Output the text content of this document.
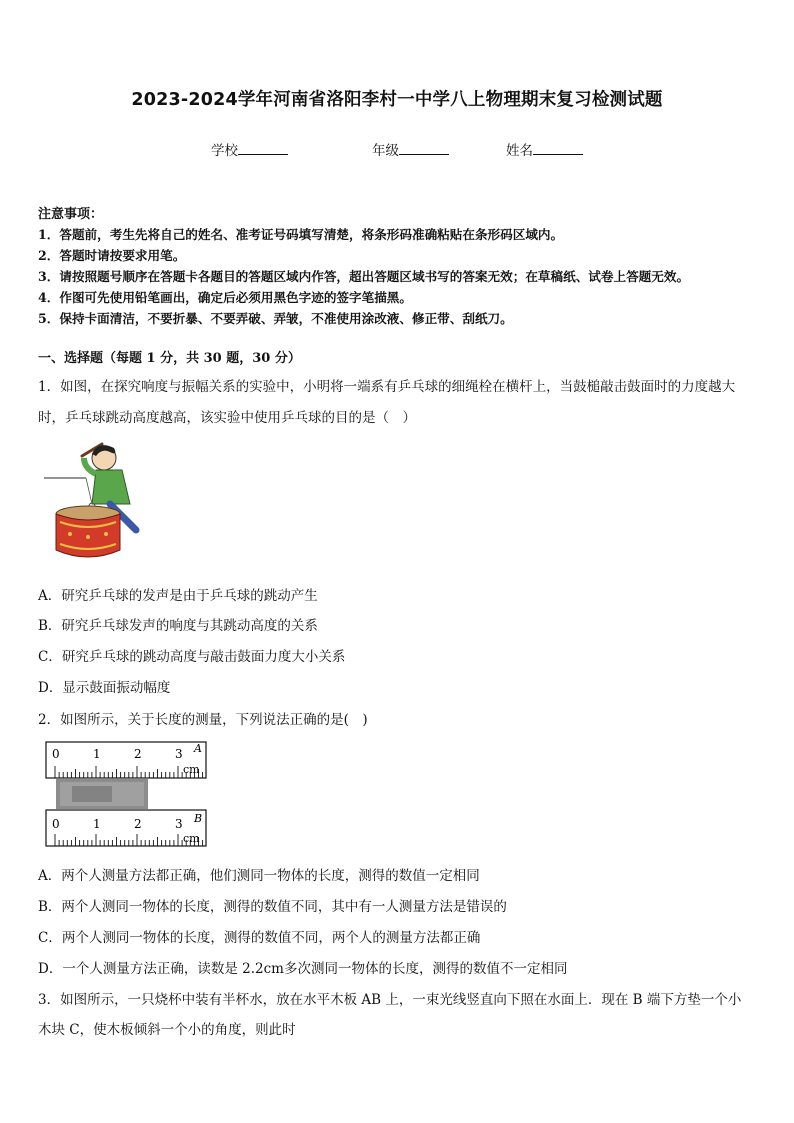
2023-2024学年河南省洛阳李村一中学八上物理期末复习检测试题
学校	年级	姓名
注意事项：
1．答题前，考生先将自己的姓名、准考证号码填写清楚，将条形码准确粘贴在条形码区域内。
2．答题时请按要求用笔。
3．请按照题号顺序在答题卡各题目的答题区域内作答，超出答题区域书写的答案无效；在草稿纸、试卷上答题无效。
4．作图可先使用铅笔画出，确定后必须用黑色字迹的签字笔描黑。
5．保持卡面清洁，不要折暴、不要弄破、弄皱，不准使用涂改液、修正带、刮纸刀。
一、选择题（每题 1 分，共 30 题，30 分）
1．如图，在探究响度与振幅关系的实验中，小明将一端系有乒乓球的细绳栓在横杆上，当鼓槌敲击鼓面时的力度越大
时，乒乓球跳动高度越高，该实验中使用乒乓球的目的是（　）
A．研究乒乓球的发声是由于乒乓球的跳动产生
B．研究乒乓球发声的响度与其跳动高度的关系
C．研究乒乓球的跳动高度与敲击鼓面力度大小关系
D．显示鼓面振动幅度
2．如图所示，关于长度的测量，下列说法正确的是(　)
0	1	2	3 A
cm
0	1	2	3 B
cm
A．两个人测量方法都正确，他们测同一物体的长度，测得的数值一定相同
B．两个人测同一物体的长度，测得的数值不同，其中有一人测量方法是错误的
C．两个人测同一物体的长度，测得的数值不同，两个人的测量方法都正确
D．一个人测量方法正确，读数是 2.2cm多次测同一物体的长度，测得的数值不一定相同
3．如图所示，一只烧杯中装有半杯水，放在水平木板 AB 上，一束光线竖直向下照在水面上．现在 B 端下方垫一个小
木块 C，使木板倾斜一个小的角度，则此时
